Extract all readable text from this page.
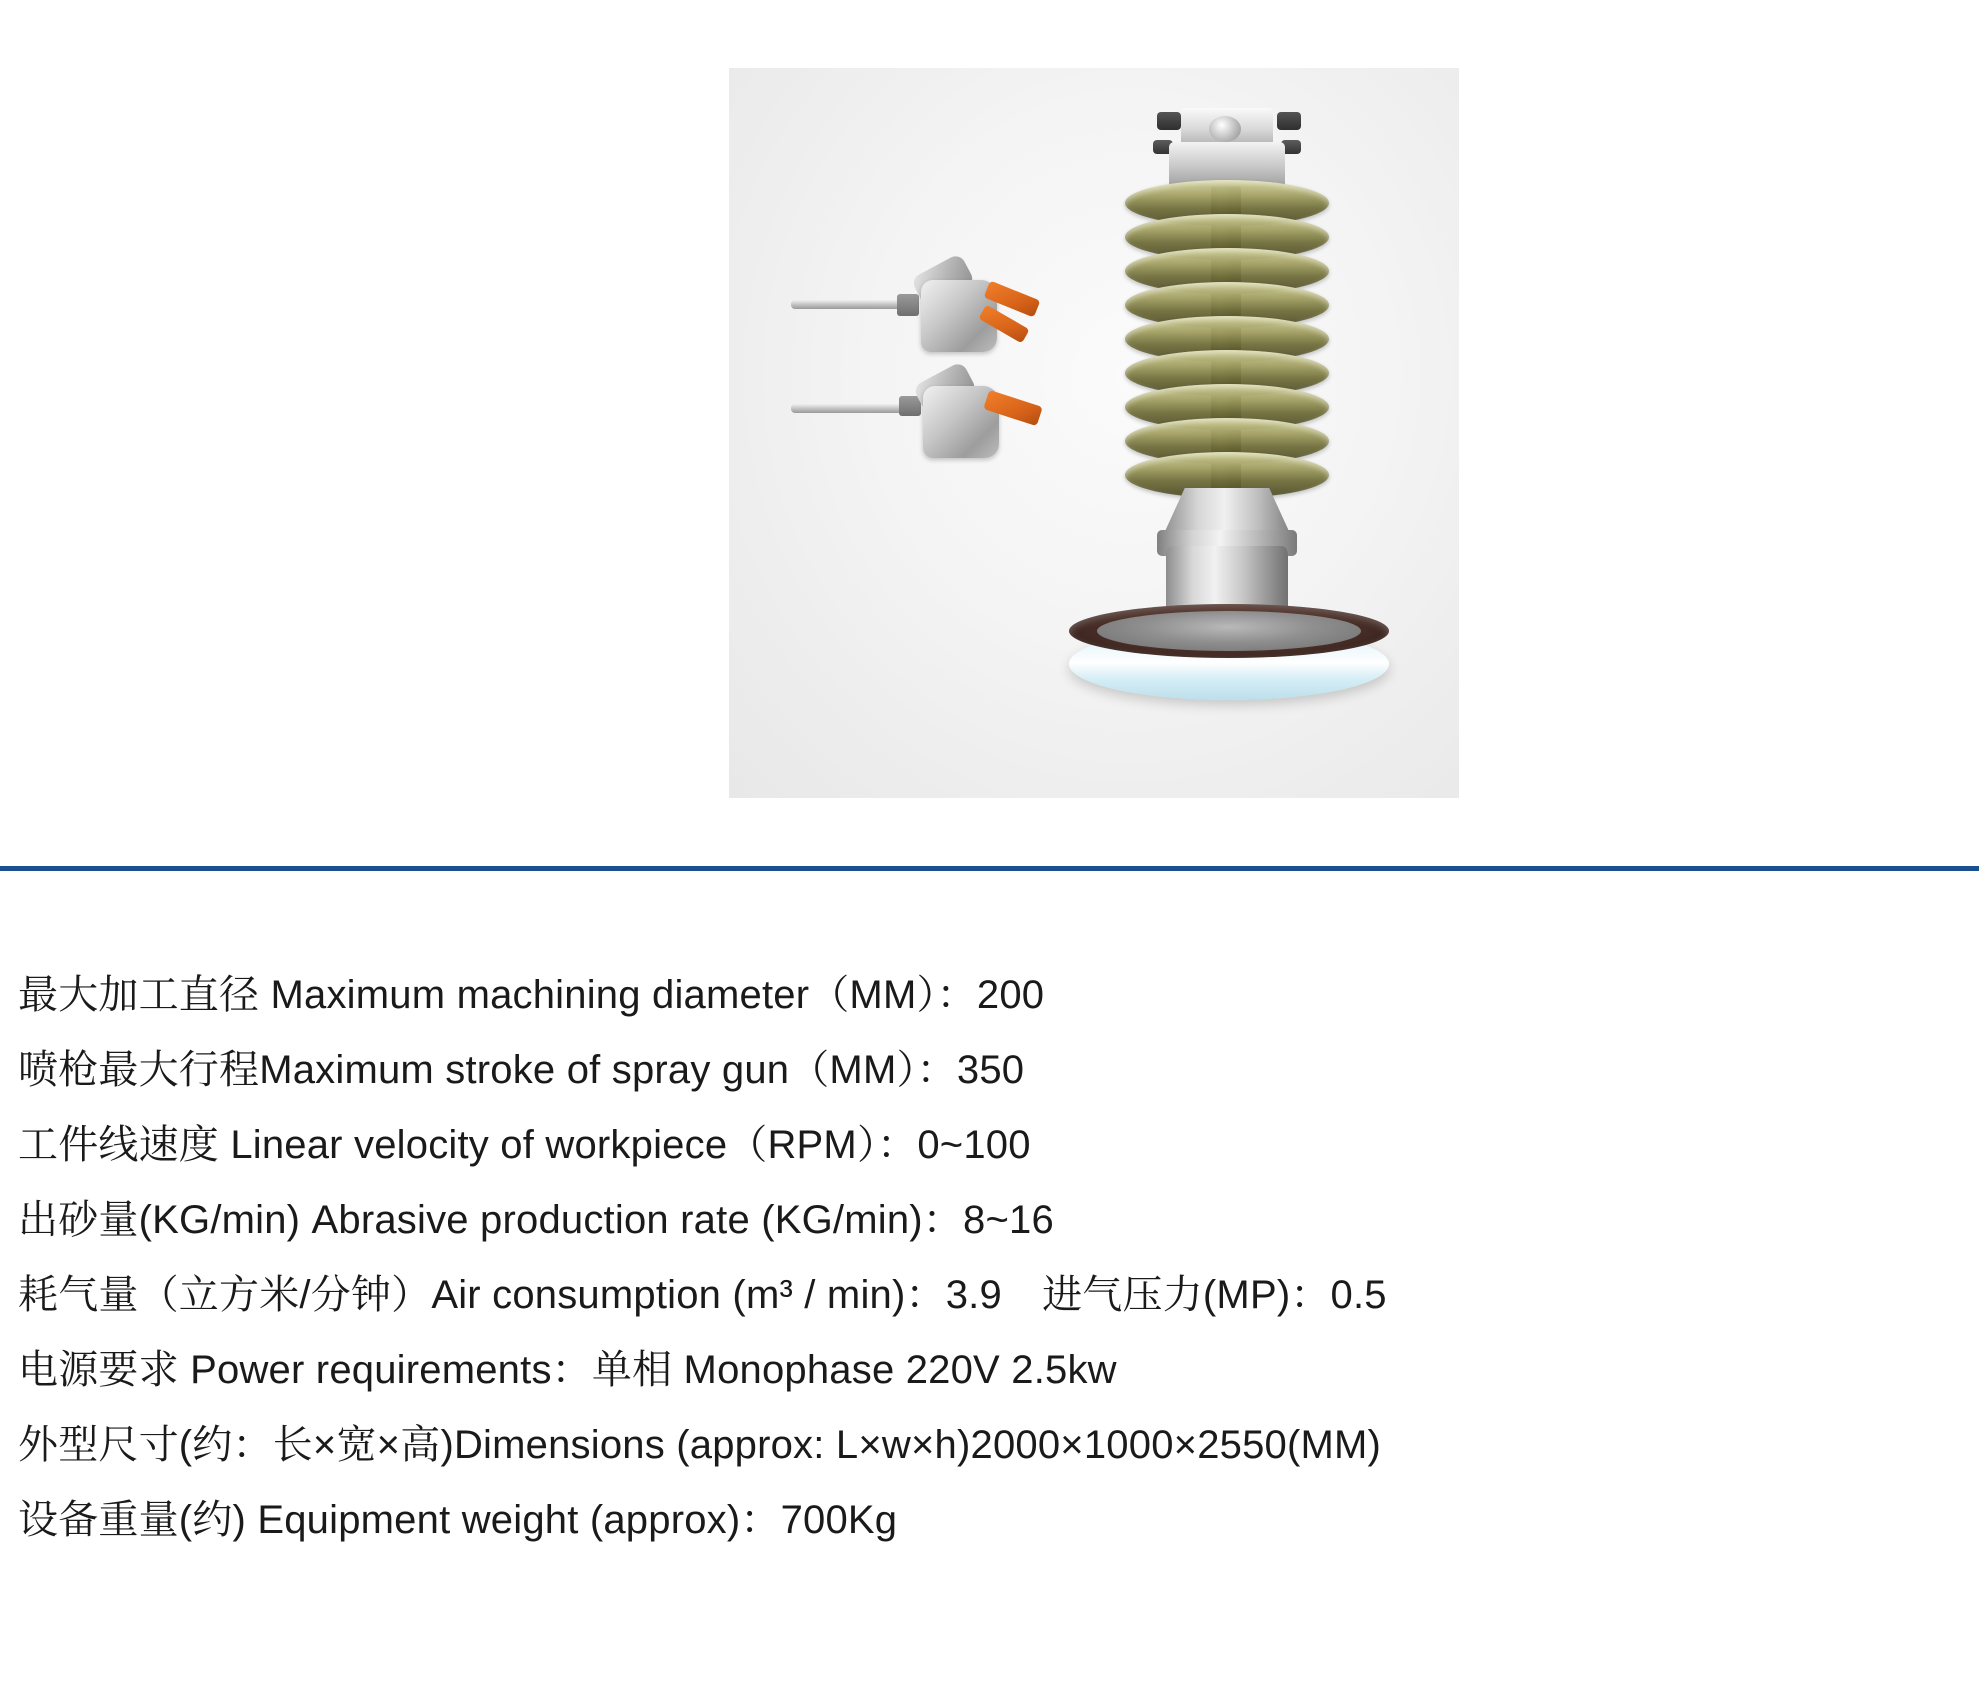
最大加工直径 Maximum machining diameter（MM）：200
喷枪最大行程Maximum stroke of spray gun（MM）：350
工件线速度 Linear velocity of workpiece（RPM）：0~100
出砂量(KG/min) Abrasive production rate (KG/min)：8~16
耗气量（立方米/分钟）Air consumption (m³ / min)：3.9　进气压力(MP)：0.5
电源要求 Power requirements：单相 Monophase 220V 2.5kw
外型尺寸(约：长×宽×高)Dimensions (approx: L×w×h)2000×1000×2550(MM)
设备重量(约) Equipment weight (approx)：700Kg
